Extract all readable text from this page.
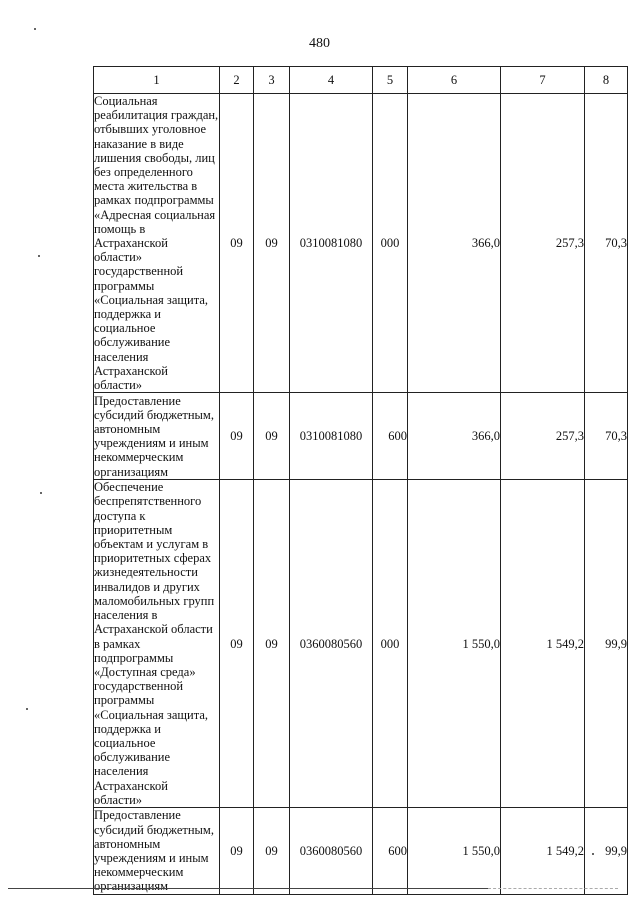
480
1	2	3	4	5	6	7	8
Социальная реабилитация граждан, отбывших уголовное наказание в виде лишения свободы, лиц без определенного места жительства в рамках подпрограммы «Адресная социальная помощь в Астраханской области» государственной программы «Социальная защита, поддержка и социальное обслуживание населения Астраханской области»	09	09	0310081080	000	366,0	257,3	70,3
Предоставление субсидий бюджетным, автономным учреждениям и иным некоммерческим организациям	09	09	0310081080	600	366,0	257,3	70,3
Обеспечение беспрепятственного доступа к приоритетным объектам и услугам в приоритетных сферах жизнедеятельности инвалидов и других маломобильных групп населения в Астраханской области в рамках подпрограммы «Доступная среда» государственной программы «Социальная защита, поддержка и социальное обслуживание населения Астраханской области»	09	09	0360080560	000	1 550,0	1 549,2	99,9
Предоставление субсидий бюджетным, автономным учреждениям и иным некоммерческим организациям	09	09	0360080560	600	1 550,0	1 549,2	99,9
